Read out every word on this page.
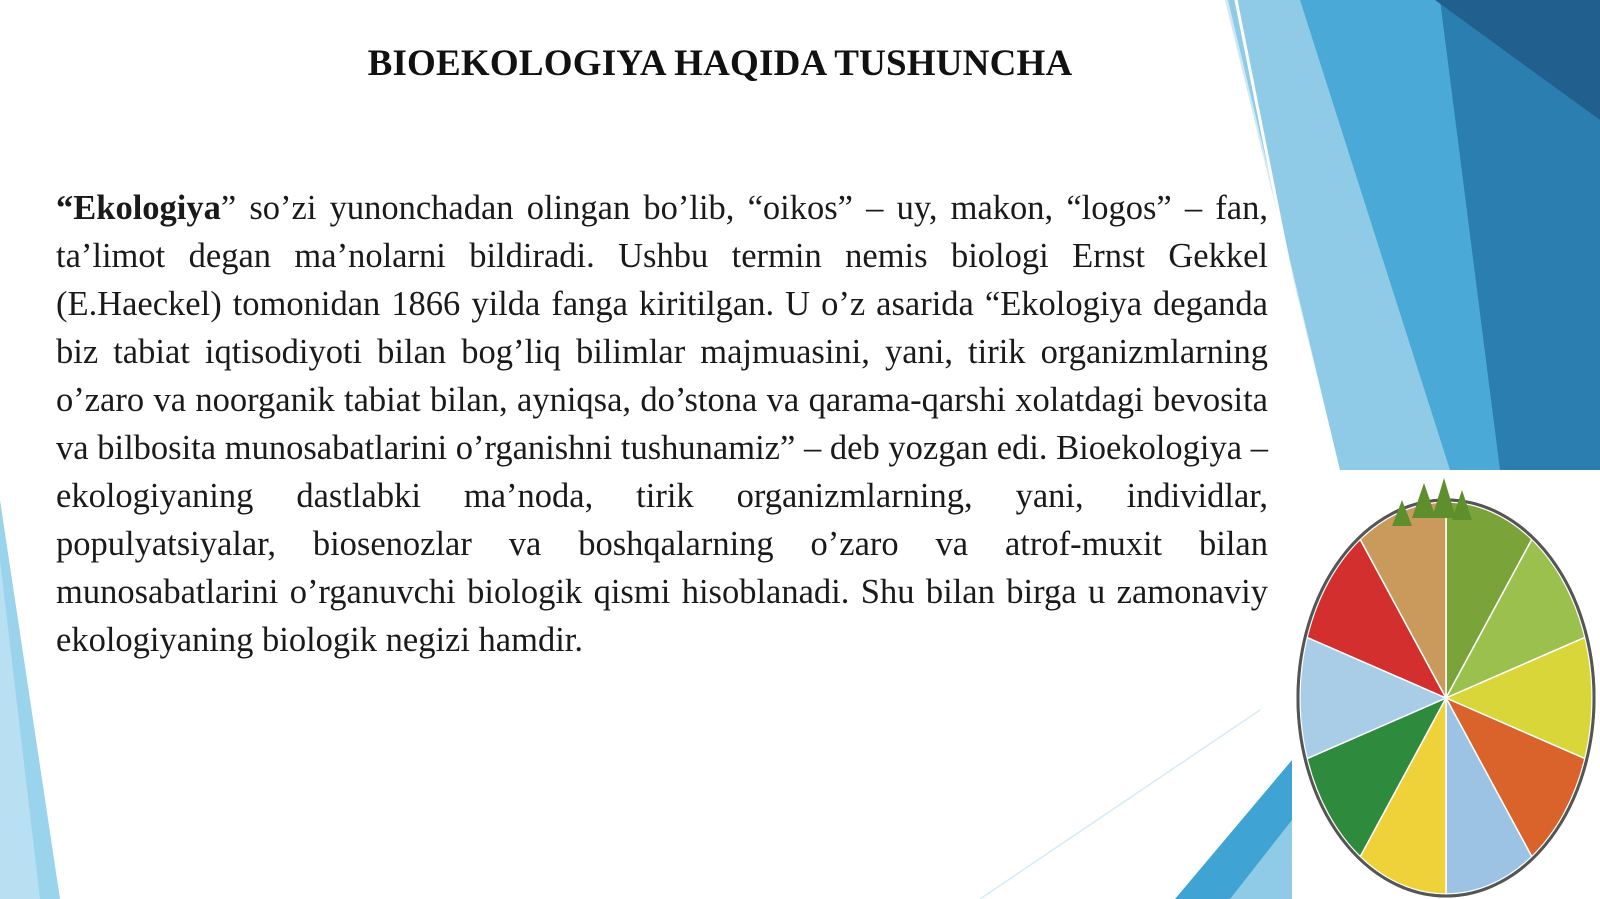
BIOEKOLOGIYA HAQIDA TUSHUNCHA

“Ekologiya” so’zi yunonchadan olingan bo’lib, “oikos” – uy, makon, “logos” – fan, ta’limot degan ma’nolarni bildiradi. Ushbu termin nemis biologi Ernst Gekkel (E.Haeckel) tomonidan 1866 yilda fanga kiritilgan. U o’z asarida “Ekologiya deganda biz tabiat iqtisodiyoti bilan bog’liq bilimlar majmuasini, yani, tirik organizmlarning o’zaro va noorganik tabiat bilan, ayniqsa, do’stona va qarama-qarshi xolatdagi bevosita va bilbosita munosabatlarini o’rganishni tushunamiz” – deb yozgan edi. Bioekologiya – ekologiyaning dastlabki ma’noda, tirik organizmlarning, yani, individlar, populyatsiyalar, biosenozlar va boshqalarning o’zaro va atrof-muxit bilan munosabatlarini o’rganuvchi biologik qismi hisoblanadi. Shu bilan birga u zamonaviy ekologiyaning biologik negizi hamdir.
